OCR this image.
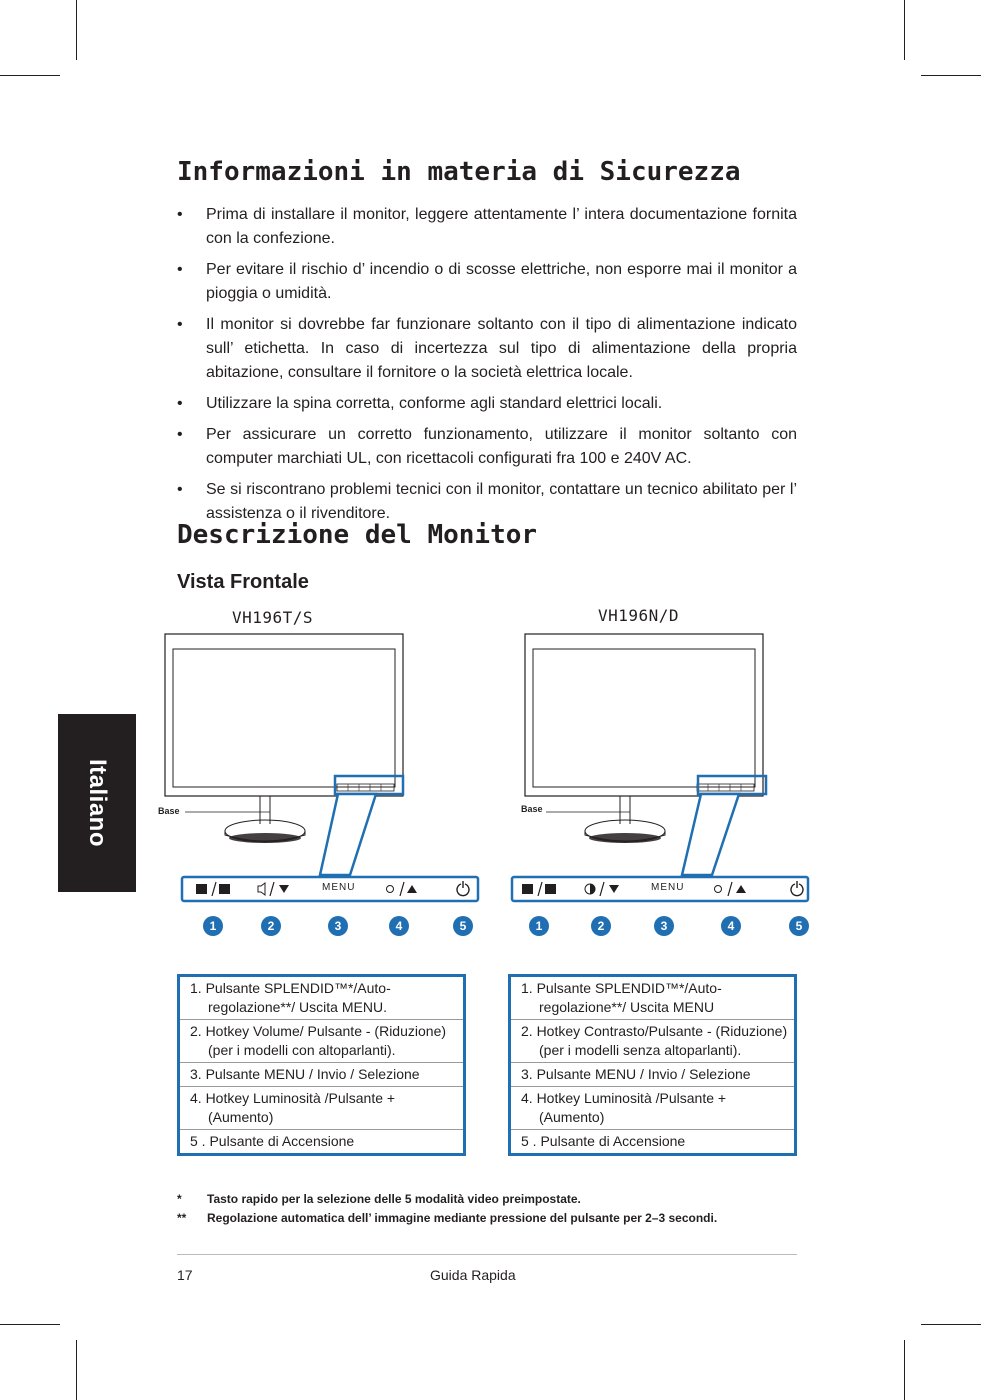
Italiano
Informazioni in materia di Sicurezza
• Prima di installare il monitor, leggere attentamente l’ intera documentazione fornita con la confezione.
• Per evitare il rischio d’ incendio o di scosse elettriche, non esporre mai il monitor a pioggia o umidità.
• Il monitor si dovrebbe far funzionare soltanto con il tipo di alimentazione indicato sull’ etichetta. In caso di incertezza sul tipo di alimentazione della propria abitazione, consultare il fornitore o la società elettrica locale.
• Utilizzare la spina corretta, conforme agli standard elettrici locali.
• Per assicurare un corretto funzionamento, utilizzare il monitor soltanto con computer marchiati UL, con ricettacoli configurati fra 100 e 240V AC.
• Se si riscontrano problemi tecnici con il monitor, contattare un tecnico abilitato per l’ assistenza o il rivenditore.
Descrizione del Monitor
Vista Frontale
VH196T/S	VH196N/D
Base	Base
MENU	MENU
1	2	3	4	5	1	2	3	4	5
1. Pulsante SPLENDID™*/Auto-regolazione**/ Uscita MENU.
2. Hotkey Volume/ Pulsante - (Riduzione) (per i modelli con altoparlanti).
3. Pulsante MENU / Invio / Selezione
4. Hotkey Luminosità /Pulsante + (Aumento)
5 . Pulsante di Accensione
1. Pulsante SPLENDID™*/Auto-regolazione**/ Uscita MENU
2. Hotkey Contrasto/Pulsante - (Riduzione) (per i modelli senza altoparlanti).
3. Pulsante MENU / Invio / Selezione
4. Hotkey Luminosità /Pulsante + (Aumento)
5 . Pulsante di Accensione
* Tasto rapido per la selezione delle 5 modalità video preimpostate.
** Regolazione automatica dell’ immagine mediante pressione del pulsante per 2–3 secondi.
17	Guida Rapida
